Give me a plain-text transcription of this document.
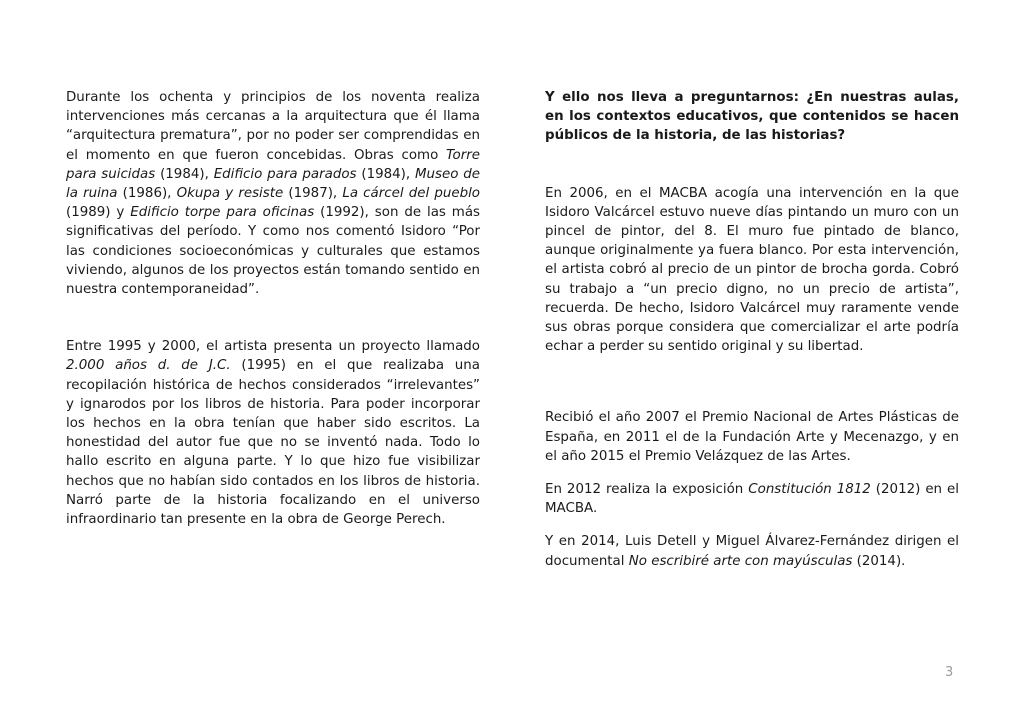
Durante los ochenta y principios de los noventa realiza intervenciones más cercanas a la arquitectura que él llama “arquitectura prematura”, por no poder ser comprendidas en el momento en que fueron concebidas. Obras como Torre para suicidas (1984), Edificio para parados (1984), Museo de la ruina (1986), Okupa y resiste (1987), La cárcel del pueblo (1989) y Edificio torpe para oficinas (1992), son de las más significativas del período. Y como nos comentó Isidoro “Por las condiciones socioeconómicas y culturales que estamos viviendo, algunos de los proyectos están tomando sentido en nuestra contemporaneidad”.

Entre 1995 y 2000, el artista presenta un proyecto llamado 2.000 años d. de J.C. (1995) en el que realizaba una recopilación histórica de hechos considerados “irrelevantes” y ignarodos por los libros de historia. Para poder incorporar los hechos en la obra tenían que haber sido escritos. La honestidad del autor fue que no se inventó nada. Todo lo hallo escrito en alguna parte. Y lo que hizo fue visibilizar hechos que no habían sido contados en los libros de historia. Narró parte de la historia focalizando en el universo infraordinario tan presente en la obra de George Perech.

Y ello nos lleva a preguntarnos: ¿En nuestras aulas, en los contextos educativos, que contenidos se hacen públicos de la historia, de las historias?

En 2006, en el MACBA acogía una intervención en la que Isidoro Valcárcel estuvo nueve días pintando un muro con un pincel de pintor, del 8. El muro fue pintado de blanco, aunque originalmente ya fuera blanco. Por esta intervención, el artista cobró al precio de un pintor de brocha gorda. Cobró su trabajo a “un precio digno, no un precio de artista”, recuerda. De hecho, Isidoro Valcárcel muy raramente vende sus obras porque considera que comercializar el arte podría echar a perder su sentido original y su libertad.

Recibió el año 2007 el Premio Nacional de Artes Plásticas de España, en 2011 el de la Fundación Arte y Mecenazgo, y en el año 2015 el Premio Velázquez de las Artes.

En 2012 realiza la exposición Constitución 1812 (2012) en el MACBA.

Y en 2014, Luis Detell y Miguel Álvarez-Fernández dirigen el documental No escribiré arte con mayúsculas (2014).

3
